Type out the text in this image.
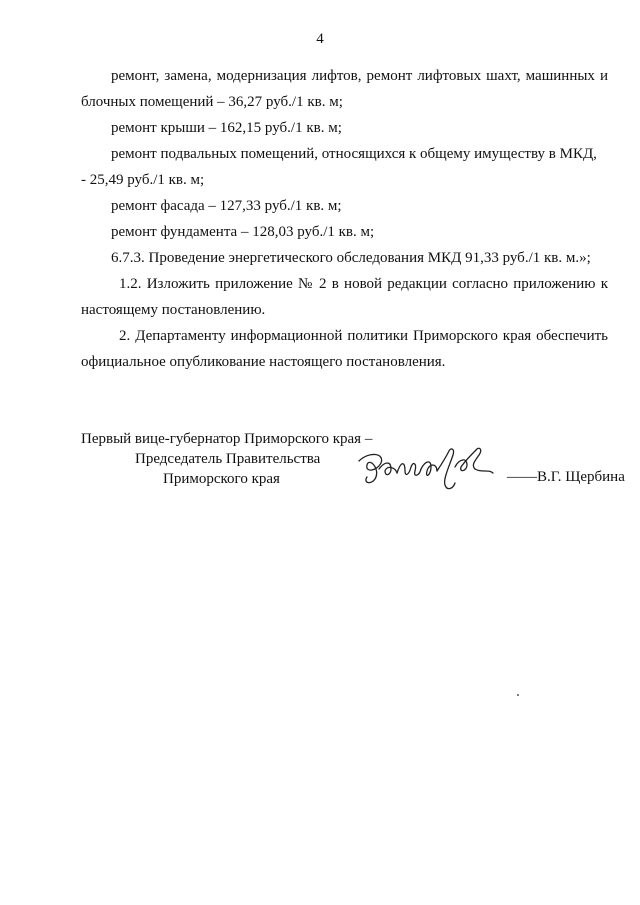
4

ремонт, замена, модернизация лифтов, ремонт лифтовых шахт, машинных и блочных помещений – 36,27 руб./1 кв. м;

ремонт крыши – 162,15 руб./1 кв. м;

ремонт подвальных помещений, относящихся к общему имуществу в МКД,

- 25,49 руб./1 кв. м;

ремонт фасада – 127,33 руб./1 кв. м;

ремонт фундамента – 128,03 руб./1 кв. м;

6.7.3. Проведение энергетического обследования МКД 91,33 руб./1 кв. м.»;

1.2. Изложить приложение № 2 в новой редакции согласно приложению к настоящему постановлению.

2. Департаменту информационной политики Приморского края обеспечить официальное опубликование настоящего постановления.

Первый вице-губернатор Приморского края –
Председатель Правительства
Приморского края	——В.Г. Щербина
